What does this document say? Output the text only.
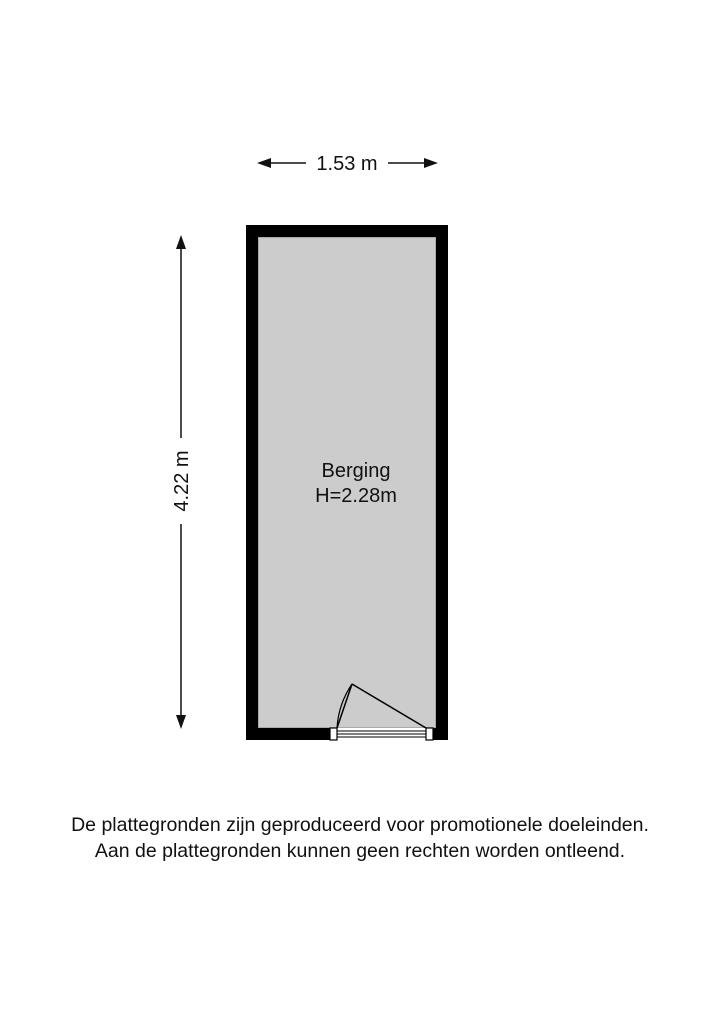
1.53 m
4.22 m	Berging
H=2.28m
De plattegronden zijn geproduceerd voor promotionele doeleinden.
Aan de plattegronden kunnen geen rechten worden ontleend.
